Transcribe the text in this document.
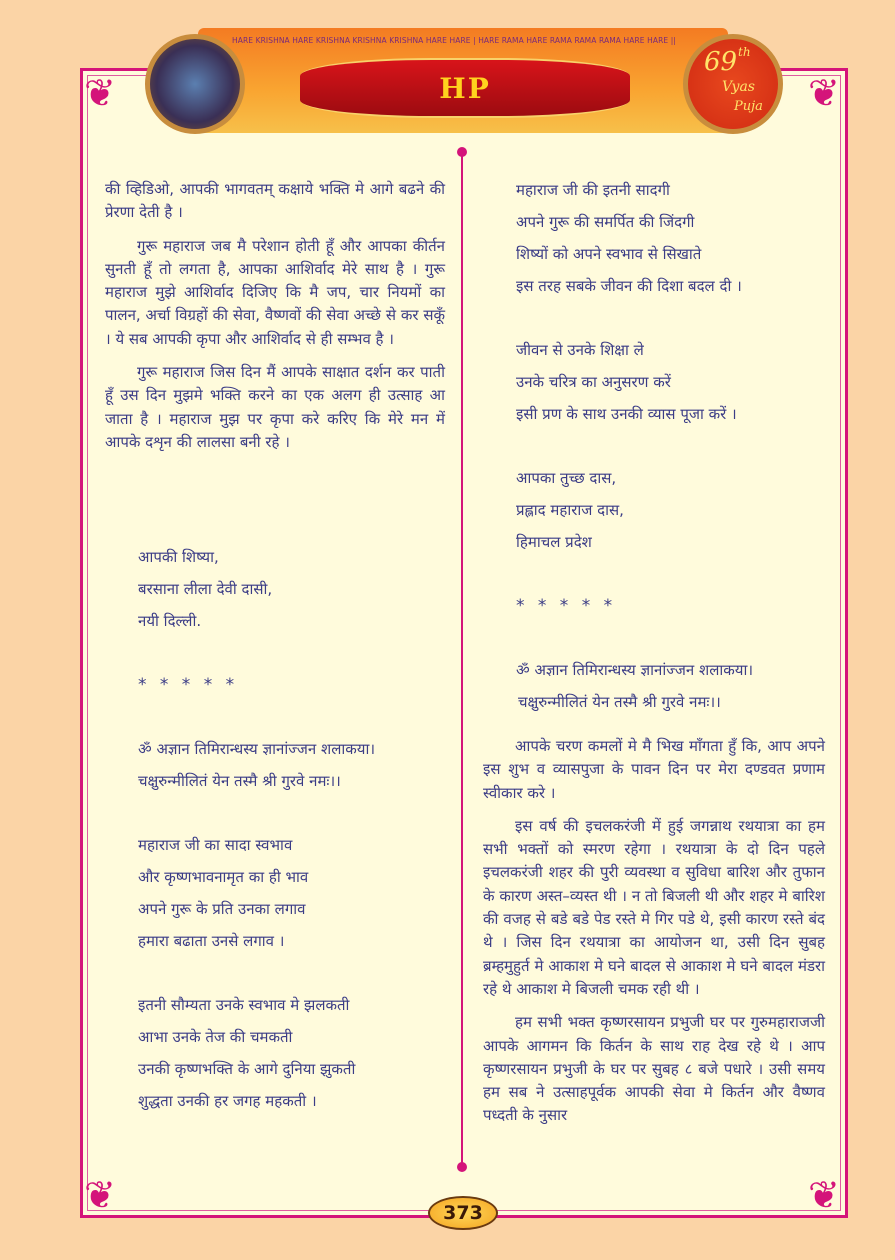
❦	❦
❦	❦
HARE KRISHNA HARE KRISHNA KRISHNA KRISHNA HARE HARE | HARE RAMA HARE RAMA RAMA RAMA HARE HARE ||
HP
69 th
Vyas
Puja

की व्हिडिओ, आपकी भागवतम् कक्षाये भक्ति मे आगे बढने की प्रेरणा देती है ।

गुरू महाराज जब मै परेशान होती हूँ और आपका कीर्तन सुनती हूँ तो लगता है, आपका आशिर्वाद मेरे साथ है । गुरू महाराज मुझे आशिर्वाद दिजिए कि मै जप, चार नियमों का पालन, अर्चा विग्रहों की सेवा, वैष्णवों की सेवा अच्छे से कर सकूँ । ये सब आपकी कृपा और आशिर्वाद से ही सम्भव है ।

गुरू महाराज जिस दिन मैं आपके साक्षात दर्शन कर पाती हूँ उस दिन मुझमे भक्ति करने का एक अलग ही उत्साह आ जाता है । महाराज मुझ पर कृपा करे करिए कि मेरे मन में आपके दशृन की लालसा बनी रहे ।

आपकी शिष्या,
बरसाना लीला देवी दासी,
नयी दिल्ली.
* * * * *
ॐ अज्ञान तिमिरान्धस्य ज्ञानांज्जन शलाकया।
चक्षुरुन्मीलितं येन तस्मै श्री गुरवे नमः।।
महाराज जी का सादा स्वभाव
और कृष्णभावनामृत का ही भाव
अपने गुरू के प्रति उनका लगाव
हमारा बढाता उनसे लगाव ।
इतनी सौम्यता उनके स्वभाव मे झलकती
आभा उनके तेज की चमकती
उनकी कृष्णभक्ति के आगे दुनिया झुकती
शुद्धता उनकी हर जगह महकती ।
महाराज जी की इतनी सादगी
अपने गुरू की समर्पित की जिंदगी
शिष्यों को अपने स्वभाव से सिखाते
इस तरह सबके जीवन की दिशा बदल दी ।
जीवन से उनके शिक्षा ले
उनके चरित्र का अनुसरण करें
इसी प्रण के साथ उनकी व्यास पूजा करें ।
आपका तुच्छ दास,
प्रह्लाद महाराज दास,
हिमाचल प्रदेश
* * * * *
ॐ अज्ञान तिमिरान्धस्य ज्ञानांज्जन शलाकया।
चक्षुरुन्मीलितं येन तस्मै श्री गुरवे नमः।।

आपके चरण कमलों मे मै भिख माँगता हुँ कि, आप अपने इस शुभ व व्यासपुजा के पावन दिन पर मेरा दण्डवत प्रणाम स्वीकार करे ।

इस वर्ष की इचलकरंजी में हुई जगन्नाथ रथयात्रा का हम सभी भक्तों को स्मरण रहेगा । रथयात्रा के दो दिन पहले इचलकरंजी शहर की पुरी व्यवस्था व सुविधा बारिश और तुफान के कारण अस्त–व्यस्त थी । न तो बिजली थी और शहर मे बारिश की वजह से बडे बडे पेड रस्ते मे गिर पडे थे, इसी कारण रस्ते बंद थे । जिस दिन रथयात्रा का आयोजन था, उसी दिन सुबह ब्रम्हमुहुर्त मे आकाश मे घने बादल से आकाश मे घने बादल मंडरा रहे थे आकाश मे बिजली चमक रही थी ।

हम सभी भक्त कृष्णरसायन प्रभुजी घर पर गुरुमहाराजजी आपके आगमन कि किर्तन के साथ राह देख रहे थे । आप कृष्णरसायन प्रभुजी के घर पर सुबह ८ बजे पधारे । उसी समय हम सब ने उत्साहपूर्वक आपकी सेवा मे किर्तन और वैष्णव पध्दती के नुसार

373
